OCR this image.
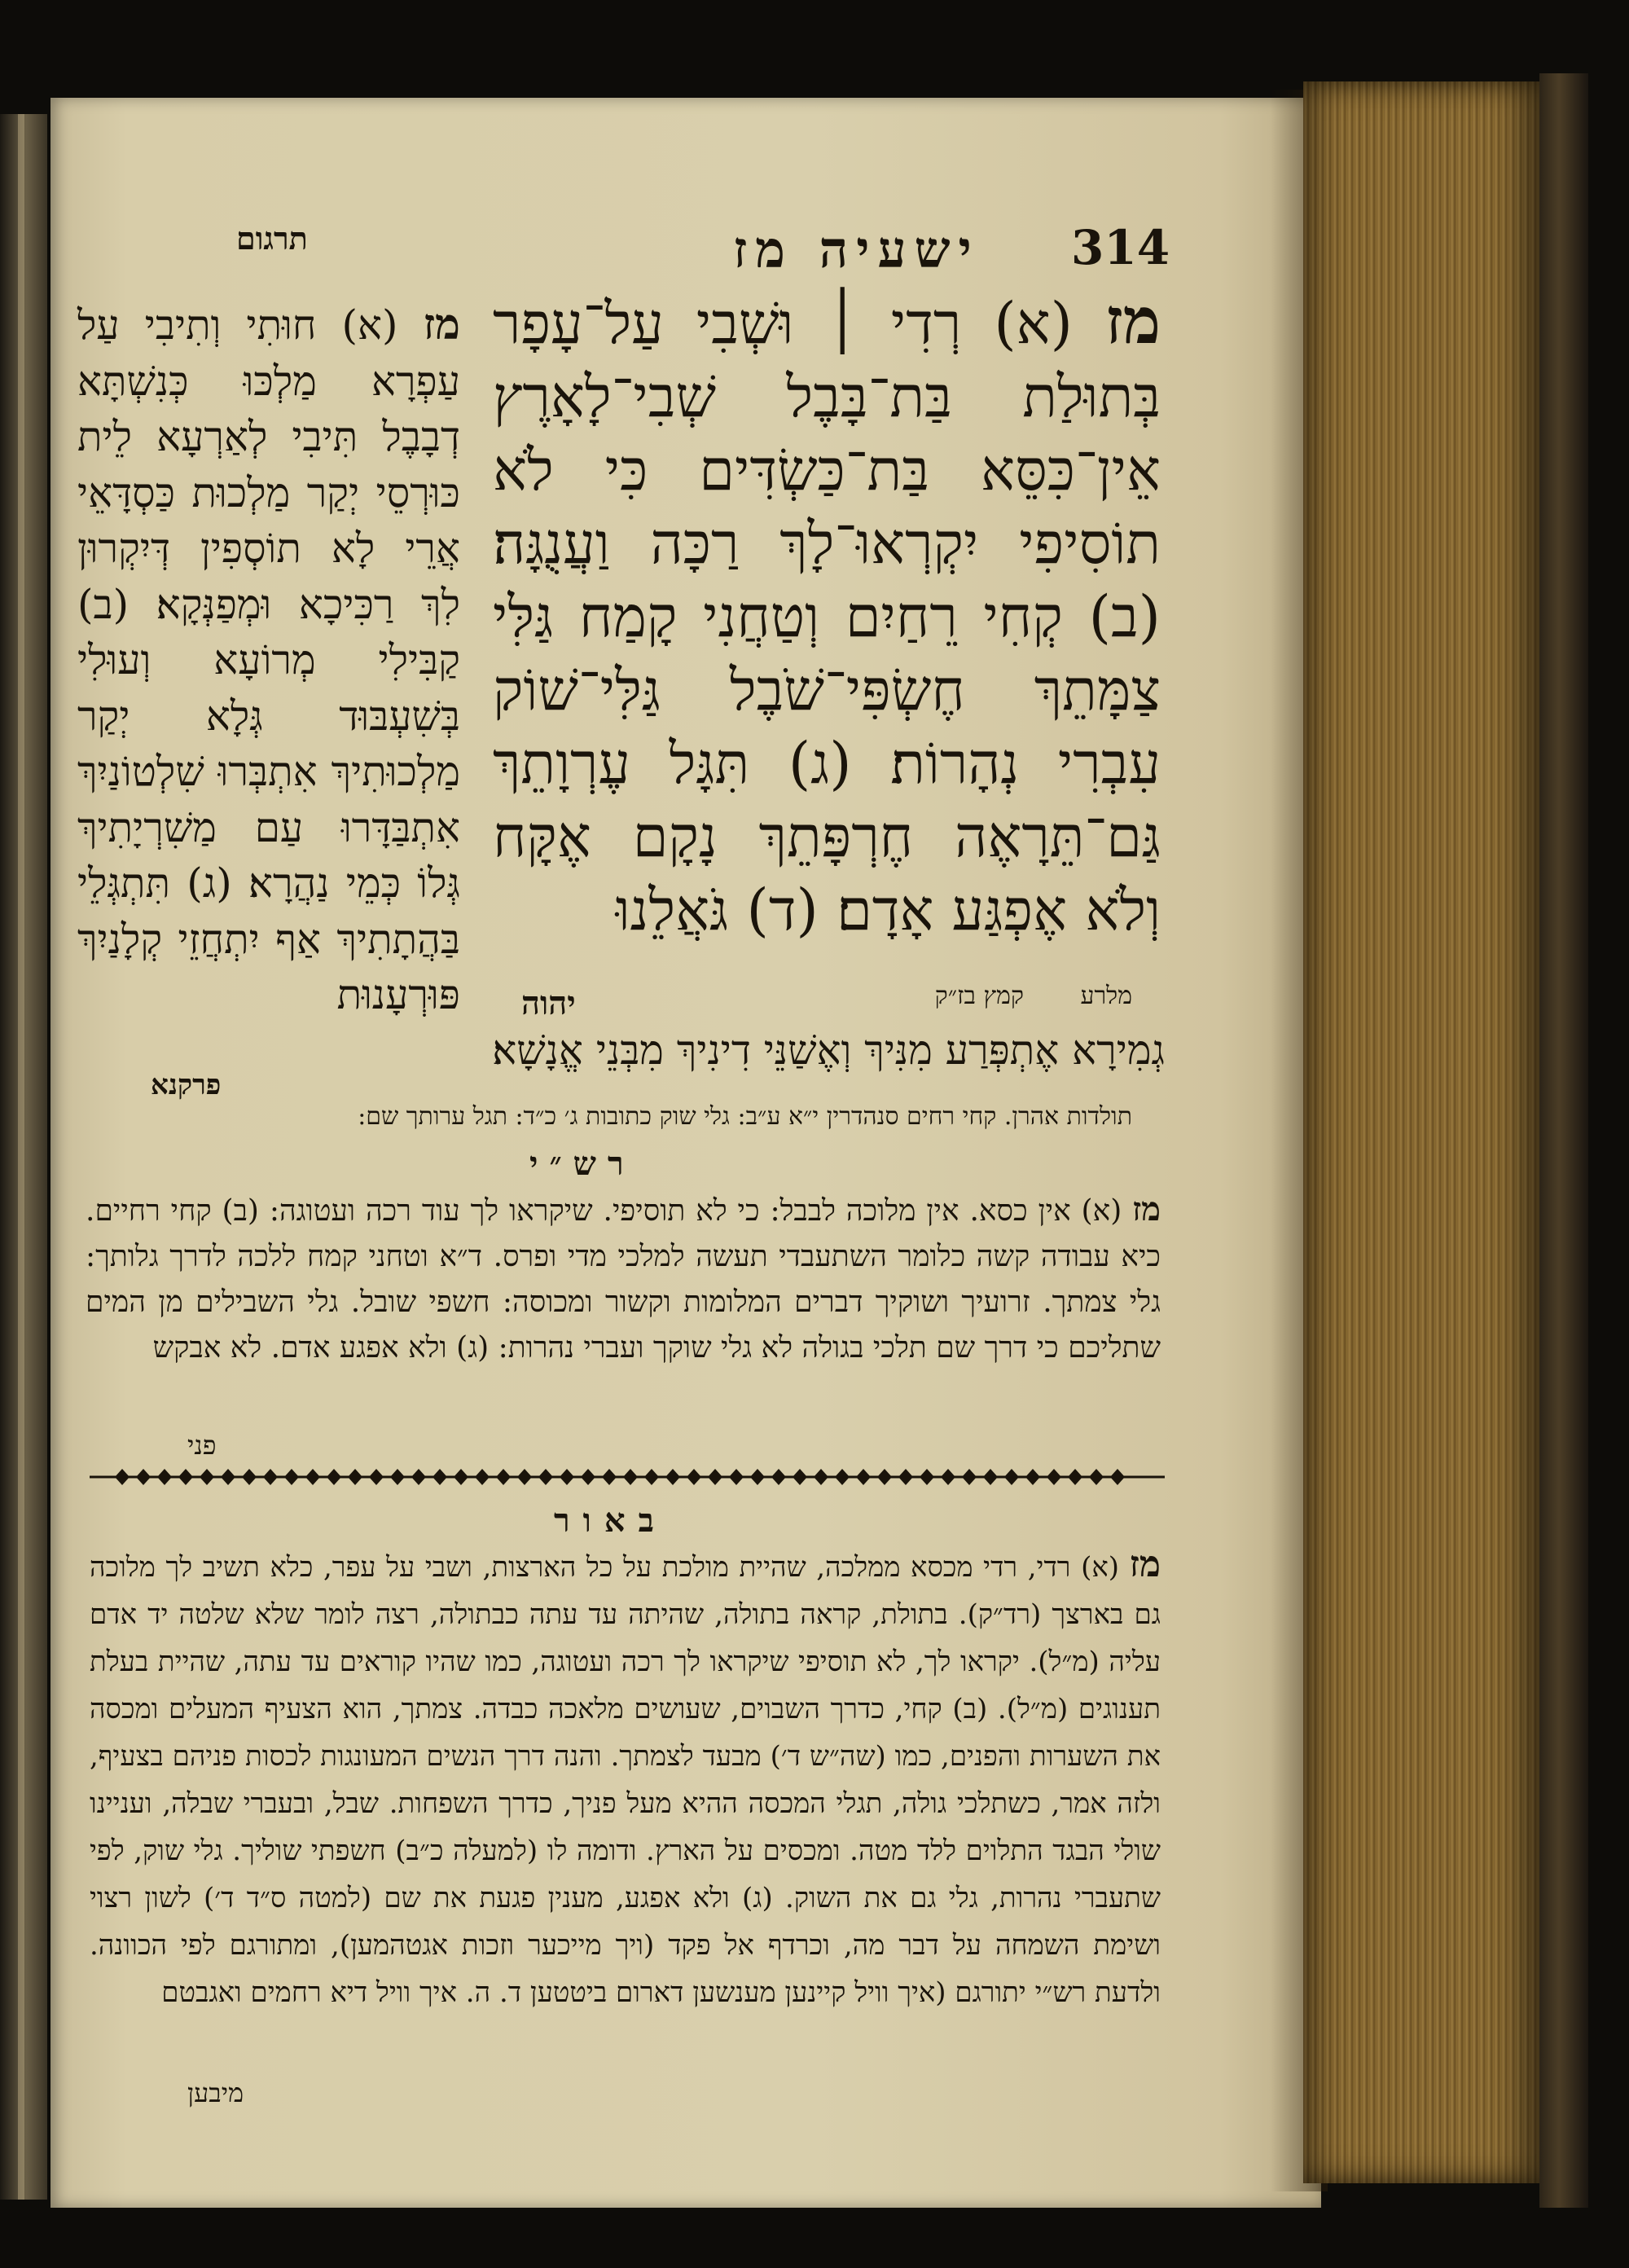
314
ישעיה מז
תרגום
מז (א) רְדִי ׀ וּשְׁבִי עַל־עָפָר בְּתוּלַת בַּת־בָּבֶל שְׁבִי־לָאָרֶץ אֵין־כִּסֵּא בַּת־כַּשְׂדִּים כִּי לֹא תוֹסִיפִי יִקְרְאוּ־לָךְ רַכָּה וַעֲנֻגָּה׃ (ב) קְחִי רֵחַיִם וְטַחֲנִי קָמַח גַּלִּי צַמָּתֵךְ חֶשְׂפִּי־שֹׁבֶל גַּלִּי־שׁוֹק עִבְרִי נְהָרוֹת׃ (ג) תִּגָּל עֶרְוָתֵךְ גַּם־תֵּרָאֶה חֶרְפָּתֵךְ נָקָם אֶקָּח וְלֹא אֶפְגַּע אָדָם׃ (ד) גֹּאֲלֵנוּ
מז (א) חוּתִי וְתִיבִי עַל עַפְרָא מַלְכּוּ כְּנִשְׁתָּא דְבָבֶל תִּיבִי לְאַרְעָא לֵית כּוּרְסֵי יְקַר מַלְכוּת כַּסְדָּאֵי אֲרֵי לָא תוֹסְפִין דְּיִקְרוּן לִךְ רַכִּיכָא וּמְפַנְּקָא׃ (ב) קַבִּילִי מְרוֹעָא וְעוּלִי בְּשִׁעְבּוּד גְּלָא יְקַר מַלְכוּתִיךְ אִתְבְּרוּ שִׁלְטוֹנַיִךְ אִתְבַּדָּרוּ עַם מַשִׁרְיָתִיךְ גְּלוֹ כְּמֵי נַהֲרָא׃ (ג) תִּתְגְּלֵי בַּהֲתָתִיךְ אַף יִתְחֲזֵי קְלָנַיִךְ פּוּרְעָנוּת	מלרע קמץ בז״ק
יהוה
גְמִירָא אֶתְפְּרַע מִנִּיךְ וְאֶשַׁנֵּי דִינִיךְ מִבְּנֵי אֱנָשָׁא׃
פרקנא
תולדות אהרן. קחי רחים סנהדרין י״א ע״ב: גלי שוק כתובות ג׳ כ״ד: תגל ערותך שם:
רש״י
מז (א) אין כסא. אין מלוכה לבבל: כי לא תוסיפי. שיקראו לך עוד רכה ועטוגה: (ב) קחי רחיים. כיא עבודה קשה כלומר השתעבדי תעשה למלכי מדי ופרס. ד״א וטחני קמח ללכה לדרך גלותך: גלי צמתך. זרועיך ושוקיך דברים המלומות וקשור ומכוסה: חשפי שובל. גלי השבילים מן המים שתליכם כי דרך שם תלכי בגולה לא גלי שוקך ועברי נהרות: (ג) ולא אפגע אדם. לא אבקש
פני
באור
מז (א) רדי, רדי מכסא ממלכה, שהיית מולכת על כל הארצות, ושבי על עפר, כלא תשיב לך מלוכה גם בארצך (רד״ק). בתולת, קראה בתולה, שהיתה עד עתה כבתולה, רצה לומר שלא שלטה יד אדם עליה (מ״ל). יקראו לך, לא תוסיפי שיקראו לך רכה ועטוגה, כמו שהיו קוראים עד עתה, שהיית בעלת תענוגים (מ״ל). (ב) קחי, כדרך השבוים, שעושים מלאכה כבדה. צמתך, הוא הצעיף המעלים ומכסה את השערות והפנים, כמו (שה״ש ד׳) מבעד לצמתך. והנה דרך הנשים המעונגות לכסות פניהם בצעיף, ולזה אמר, כשתלכי גולה, תגלי המכסה ההיא מעל פניך, כדרך השפחות. שבל, ובעברי שבלה, ועניינו שולי הבגד התלוים ללד מטה. ומכסים על הארץ. ודומה לו (למעלה כ״ב) חשפתי שוליך. גלי שוק, לפי שתעברי נהרות, גלי גם את השוק. (ג) ולא אפגע, מענין פגעת את שם (למטה ס״ד ד׳) לשון רצוי ושימת השמחה על דבר מה, וכרדף אל פקד (ויך מייכער וזכות אגטהמען), ומתורגם לפי הכוונה. ולדעת רש״י יתורגם (איך וויל קיינען מענשען דארום ביטטען ד. ה. איך וויל דיא רחמים ואגבטם
מיבען
